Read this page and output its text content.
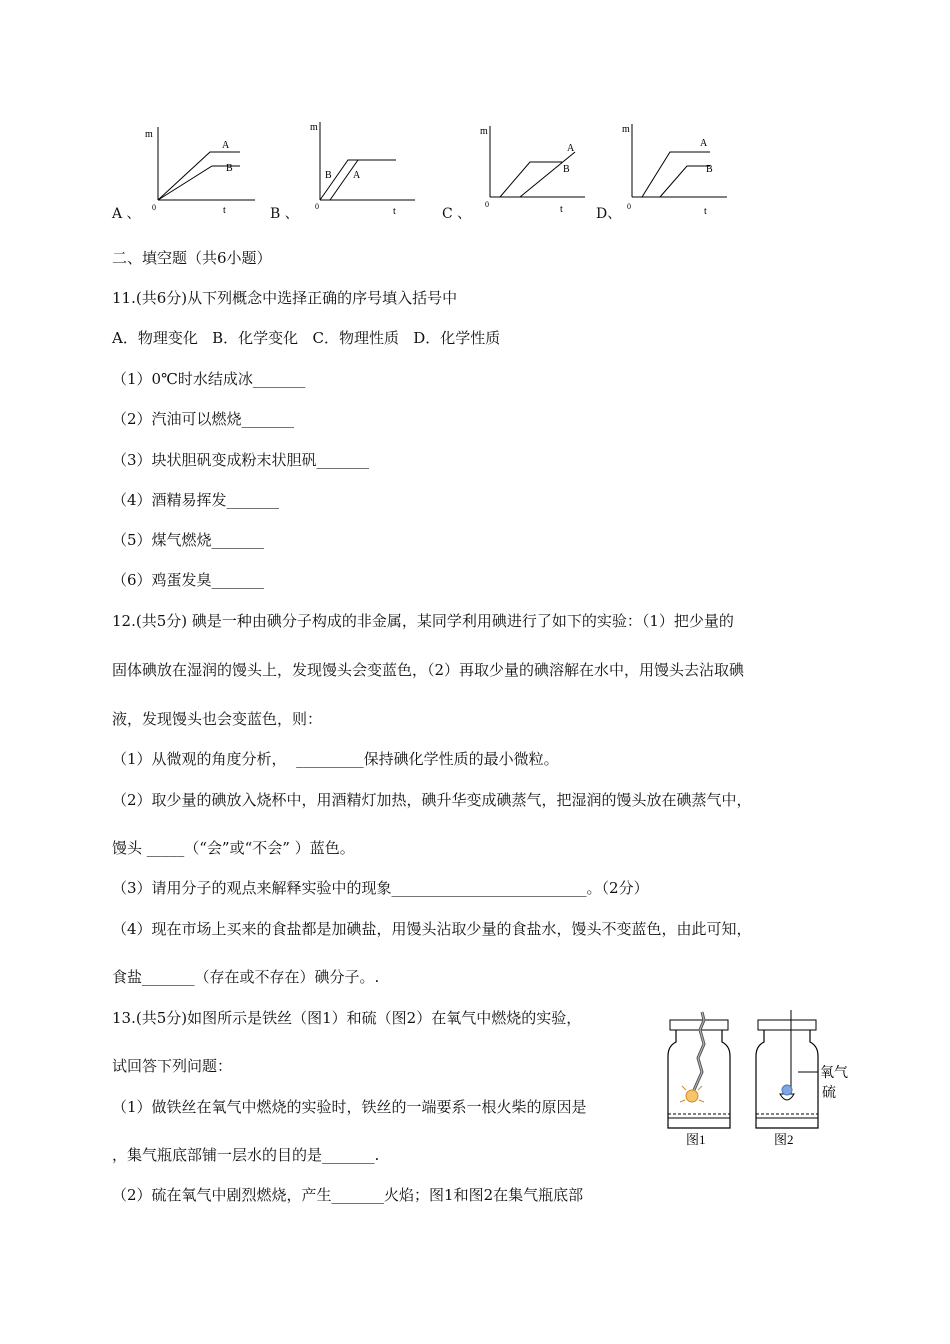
A 、
m
0	t
A
B
B 、
m
0	t
B A
C 、
m
0	t
A
B
D、
m
0	t
A
B
二、填空题（共6小题）
11.(共6分)从下列概念中选择正确的序号填入括号中
A．物理变化   B．化学变化   C．物理性质   D．化学性质
（1）0℃时水结成冰_______
（2）汽油可以燃烧_______
（3）块状胆矾变成粉末状胆矾_______
（4）酒精易挥发_______
（5）煤气燃烧_______
（6）鸡蛋发臭_______
12.(共5分) 碘是一种由碘分子构成的非金属，某同学利用碘进行了如下的实验：（1）把少量的
固体碘放在湿润的馒头上，发现馒头会变蓝色，（2）再取少量的碘溶解在水中，用馒头去沾取碘
液，发现馒头也会变蓝色，则：
（1）从微观的角度分析，  _________保持碘化学性质的最小微粒。
（2）取少量的碘放入烧杯中，用酒精灯加热，碘升华变成碘蒸气，把湿润的馒头放在碘蒸气中，
馒头 _____（“会”或“不会” ）蓝色。
（3）请用分子的观点来解释实验中的现象__________________________。（2分）
（4）现在市场上买来的食盐都是加碘盐，用馒头沾取少量的食盐水，馒头不变蓝色，由此可知，
食盐_______（存在或不存在）碘分子。.
13.(共5分)如图所示是铁丝（图1）和硫（图2）在氧气中燃烧的实验，
试回答下列问题：
（1）做铁丝在氧气中燃烧的实验时，铁丝的一端要系一根火柴的原因是
，集气瓶底部铺一层水的目的是_______.
（2）硫在氧气中剧烈燃烧，产生_______火焰；图1和图2在集气瓶底部
图1
氧气
硫
图2
